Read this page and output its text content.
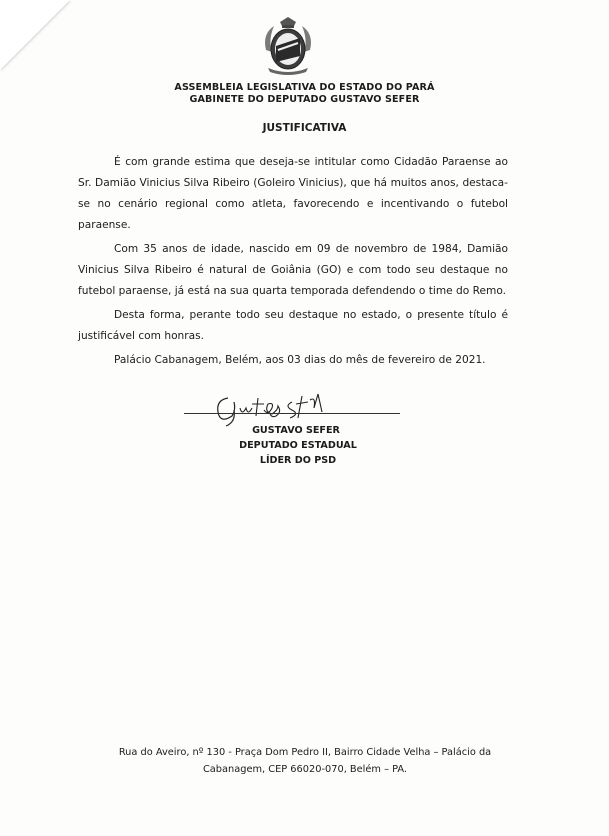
ASSEMBLEIA LEGISLATIVA DO ESTADO DO PARÁ
GABINETE DO DEPUTADO GUSTAVO SEFER
JUSTIFICATIVA

É com grande estima que deseja-se intitular como Cidadão Paraense ao Sr. Damião Vinicius Silva Ribeiro (Goleiro Vinicius), que há muitos anos, destaca-se no cenário regional como atleta, favorecendo e incentivando o futebol paraense.

Com 35 anos de idade, nascido em 09 de novembro de 1984, Damião Vinicius Silva Ribeiro é natural de Goiânia (GO) e com todo seu destaque no futebol paraense, já está na sua quarta temporada defendendo o time do Remo.

Desta forma, perante todo seu destaque no estado, o presente título é justificável com honras.

Palácio Cabanagem, Belém, aos 03 dias do mês de fevereiro de 2021.

GUSTAVO SEFER
DEPUTADO ESTADUAL
LÍDER DO PSD
Rua do Aveiro, nº 130 - Praça Dom Pedro II, Bairro Cidade Velha – Palácio da
Cabanagem, CEP 66020-070, Belém – PA.
